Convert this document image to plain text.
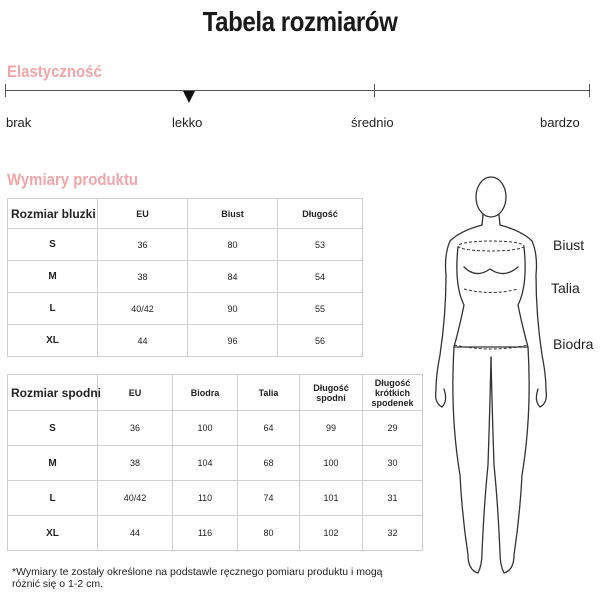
Tabela rozmiarów
Elastyczność
brak	lekko	średnio	bardzo
Wymiary produktu
Rozmiar bluzki	EU	Biust	Długość
S	36	80	53
M	38	84	54
L	40/42	90	55
XL	44	96	56
Rozmiar spodni	EU	Biodra	Talia	Długość spodni	Długość krótkich spodenek
S	36	100	64	99	29
M	38	104	68	100	30
L	40/42	110	74	101	31
XL	44	116	80	102	32
Biust
Talia
Biodra
*Wymiary te zostały określone na podstawle ręcznego pomiaru produktu i mogą różnić się o 1-2 cm.
